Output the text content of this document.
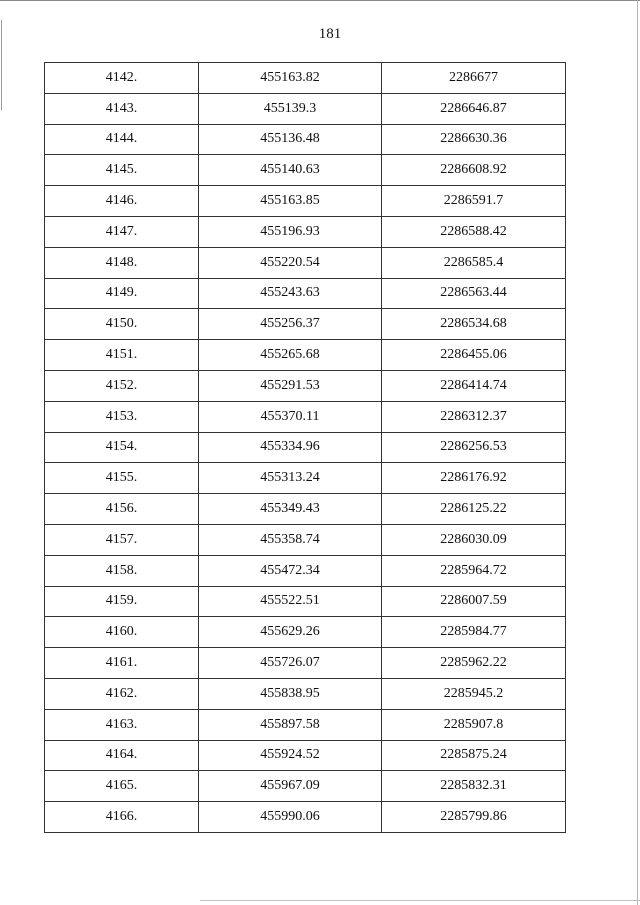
181
4142.	455163.82	2286677
4143.	455139.3	2286646.87
4144.	455136.48	2286630.36
4145.	455140.63	2286608.92
4146.	455163.85	2286591.7
4147.	455196.93	2286588.42
4148.	455220.54	2286585.4
4149.	455243.63	2286563.44
4150.	455256.37	2286534.68
4151.	455265.68	2286455.06
4152.	455291.53	2286414.74
4153.	455370.11	2286312.37
4154.	455334.96	2286256.53
4155.	455313.24	2286176.92
4156.	455349.43	2286125.22
4157.	455358.74	2286030.09
4158.	455472.34	2285964.72
4159.	455522.51	2286007.59
4160.	455629.26	2285984.77
4161.	455726.07	2285962.22
4162.	455838.95	2285945.2
4163.	455897.58	2285907.8
4164.	455924.52	2285875.24
4165.	455967.09	2285832.31
4166.	455990.06	2285799.86
